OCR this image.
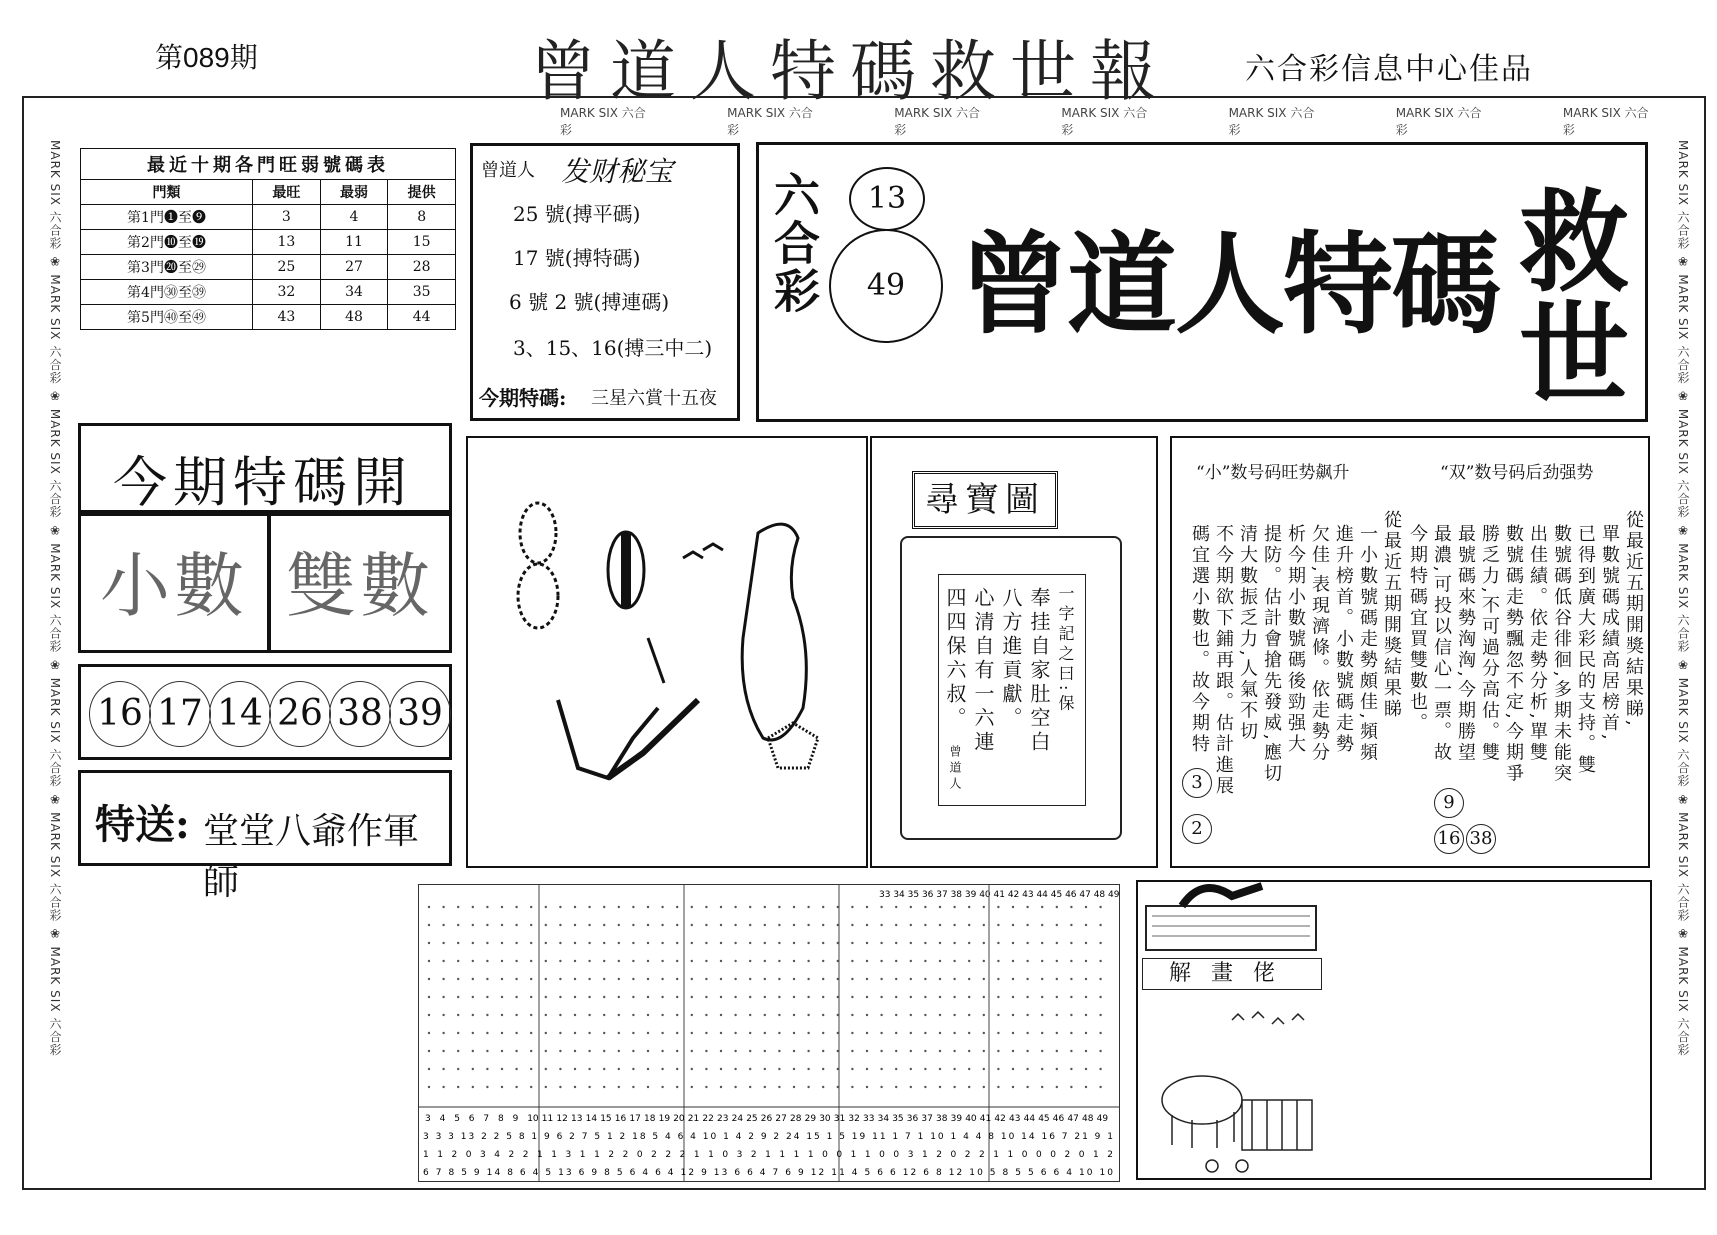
第089期	曾道人特碼救世報	六合彩信息中心佳品
MARK SIX 六合彩
MARK SIX 六合彩
MARK SIX 六合彩
MARK SIX 六合彩
MARK SIX 六合彩
MARK SIX 六合彩
MARK SIX 六合彩
MARK SIX 六合彩 ❀ MARK SIX 六合彩 ❀ MARK SIX 六合彩 ❀ MARK SIX 六合彩 ❀ MARK SIX 六合彩 ❀ MARK SIX 六合彩 ❀ MARK SIX 六合彩
MARK SIX 六合彩 ❀ MARK SIX 六合彩 ❀ MARK SIX 六合彩 ❀ MARK SIX 六合彩 ❀ MARK SIX 六合彩 ❀ MARK SIX 六合彩 ❀ MARK SIX 六合彩
最近十期各門旺弱號碼表
門類	最旺	最弱	提供
第1門❶至❾	3	4	8
第2門❿至⓳	13	11	15
第3門⓴至㉙	25	27	28
第4門㉚至㊴	32	34	35
第5門㊵至㊾	43	48	44
曾道人 发财秘宝
25 號(搏平碼)
17 號(搏特碼)
6 號 2 號(搏連碼)
3、15、16(搏三中二)
今期特碼: 三星六賞十五夜
六合彩	13
49 曾道人特碼 救
世
今期特碼開
小數 雙數
16 17 14 26 38 39
特送: 堂堂八爺作軍師
尋寶圖
一字記之曰:保
奉挂自家肚空白
八方進貢獻。
心清自有一六連
四四保六叔。
曾道人
“小”数号码旺势飙升	“双”数号码后劲强势
從最近五期開獎結果睇
一小數號碼走勢頗佳,頻頻
進升榜首。小數號碼走勢
欠佳,表現濟條。依走勢分
析今期小數號碼後勁强大
提防。估計會搶先發威,應切
清大數振乏力,人氣不切
不今期欲下鋪再跟。估計進展
碼宜選小數也。故今期特	從最近五期開獎結果睇,
單數號碼成績高居榜首,
已得到廣大彩民的支持。雙
數號碼低谷徘徊,多期未能突
出佳績。依走勢分析,單雙
數號碼走勢飄忽不定,今期爭
勝乏力,不可過分高估。雙
最號碼來勢洶洶,今期勝望
最濃,可投以信心一票。故
今期特碼宜買雙數也。
3
2
9
16 38
33 34 35 36 37 38 39 40 41 42 43 44 45 46 47 48 49
3 4 5 6 7 8 9 10 11 12 13 14 15 16 17 18 19 20 21 22 23 24 25 26 27 28 29 30 31 32 33 34 35 36 37 38 39 40 41 42 43 44 45 46 47 48 49
3 3 3 13 2 2 5 8 1 9 6 2 7 5 1 2 18 5 4 6 4 10 1 4 2 9 2 24 15 1 5 19 11 1 7 1 10 1 4 4 8 10 14 16 7 21 9 1
1 1 2 0 3 4 2 2 1 1 3 1 1 2 2 0 2 2 2 1 1 0 3 2 1 1 1 1 0 0 1 1 0 0 3 1 2 0 2 2 1 1 0 0 0 2 0 1 2
6 7 8 5 9 14 8 6 4 5 13 6 9 8 5 6 4 6 4 12 9 13 6 6 4 7 6 9 12 11 4 5 6 6 12 6 8 12 10 5 8 5 5 6 6 4 10 10
解畫佬
